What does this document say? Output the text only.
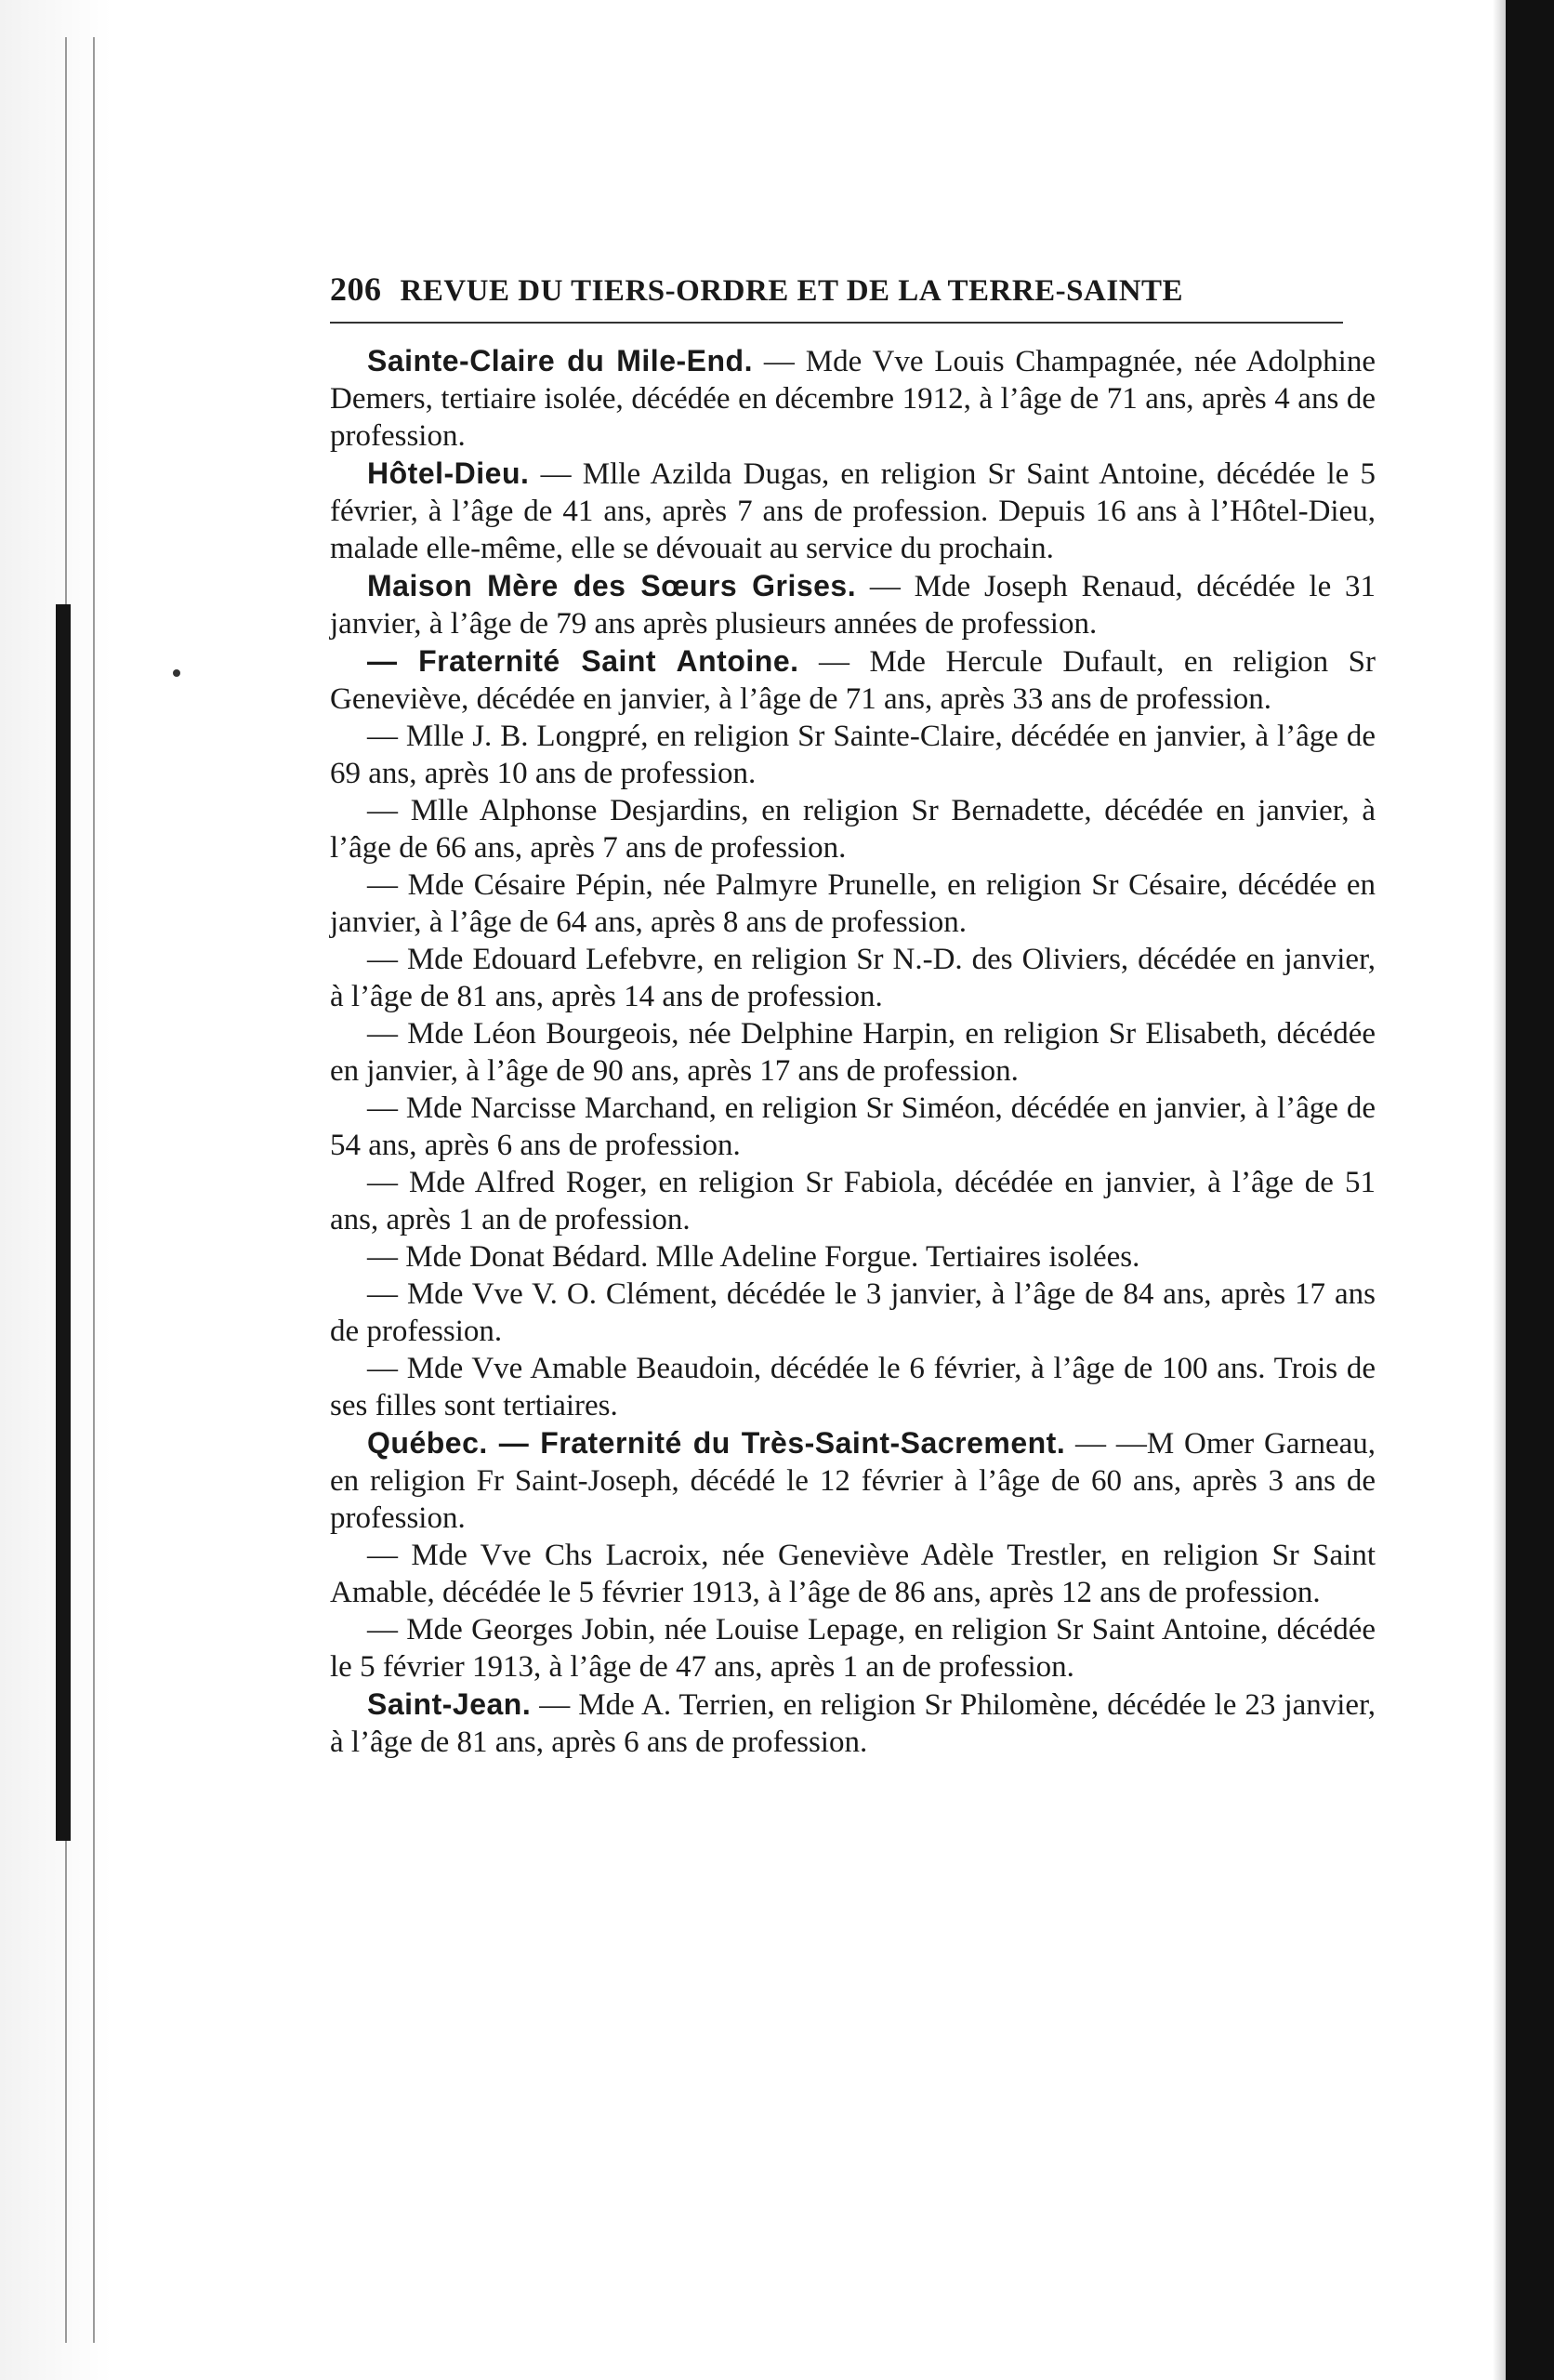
206 REVUE DU TIERS-ORDRE ET DE LA TERRE-SAINTE

Sainte-Claire du Mile-End. — Mde Vve Louis Champagnée, née Adolphine Demers, tertiaire isolée, décédée en décembre 1912, à l’âge de 71 ans, après 4 ans de profession.

Hôtel-Dieu. — Mlle Azilda Dugas, en religion Sr Saint Antoine, décédée le 5 février, à l’âge de 41 ans, après 7 ans de profession. Depuis 16 ans à l’Hôtel-Dieu, malade elle-même, elle se dévouait au service du prochain.

Maison Mère des Sœurs Grises. — Mde Joseph Renaud, décédée le 31 janvier, à l’âge de 79 ans après plusieurs années de profession.

— Fraternité Saint Antoine. — Mde Hercule Dufault, en religion Sr Geneviève, décédée en janvier, à l’âge de 71 ans, après 33 ans de profession.

— Mlle J. B. Longpré, en religion Sr Sainte-Claire, décédée en janvier, à l’âge de 69 ans, après 10 ans de profession.

— Mlle Alphonse Desjardins, en religion Sr Bernadette, décédée en janvier, à l’âge de 66 ans, après 7 ans de profession.

— Mde Césaire Pépin, née Palmyre Prunelle, en religion Sr Césaire, décédée en janvier, à l’âge de 64 ans, après 8 ans de profession.

— Mde Edouard Lefebvre, en religion Sr N.-D. des Oliviers, décédée en janvier, à l’âge de 81 ans, après 14 ans de profession.

— Mde Léon Bourgeois, née Delphine Harpin, en religion Sr Elisabeth, décédée en janvier, à l’âge de 90 ans, après 17 ans de profession.

— Mde Narcisse Marchand, en religion Sr Siméon, décédée en janvier, à l’âge de 54 ans, après 6 ans de profession.

— Mde Alfred Roger, en religion Sr Fabiola, décédée en janvier, à l’âge de 51 ans, après 1 an de profession.

— Mde Donat Bédard. Mlle Adeline Forgue. Tertiaires isolées.

— Mde Vve V. O. Clément, décédée le 3 janvier, à l’âge de 84 ans, après 17 ans de profession.

— Mde Vve Amable Beaudoin, décédée le 6 février, à l’âge de 100 ans. Trois de ses filles sont tertiaires.

Québec. — Fraternité du Très-Saint-Sacrement. — —M Omer Garneau, en religion Fr Saint-Joseph, décédé le 12 février à l’âge de 60 ans, après 3 ans de profession.

— Mde Vve Chs Lacroix, née Geneviève Adèle Trestler, en religion Sr Saint Amable, décédée le 5 février 1913, à l’âge de 86 ans, après 12 ans de profession.

— Mde Georges Jobin, née Louise Lepage, en religion Sr Saint Antoine, décédée le 5 février 1913, à l’âge de 47 ans, après 1 an de profession.

Saint-Jean. — Mde A. Terrien, en religion Sr Philomène, décédée le 23 janvier, à l’âge de 81 ans, après 6 ans de profession.
